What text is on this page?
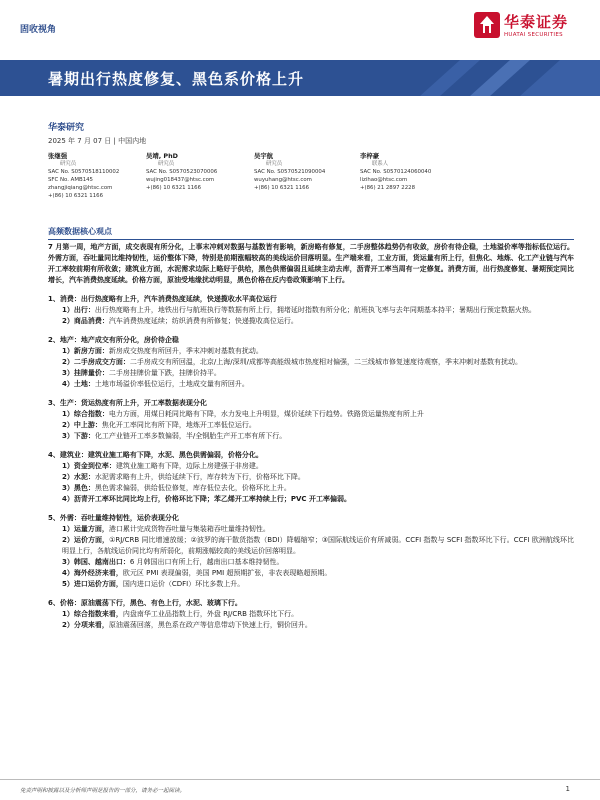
固收视角	华泰证券
HUATAI SECURITIES
暑期出行热度修复、黑色系价格上升
华泰研究
2025 年 7 月 07 日 | 中国内地
张继强
研究员
SAC No. S0570518110002
SFC No. AMB145
zhangjiqiang@htsc.com
+(86) 10 6321 1166
吴靖, PhD
研究员
SAC No. S0570523070006
wujing018437@htsc.com
+(86) 10 6321 1166
吴宇航
研究员
SAC No. S0570521090004
wuyuhang@htsc.com
+(86) 10 6321 1166
李梓豪
联系人
SAC No. S0570124060040
lizihao@htsc.com
+(86) 21 2897 2228
高频数据核心观点

7 月第一周，地产方面，成交表现有所分化，上事末冲刺对数据与基数皆有影响，新房略有修复，二手房整体趋势仍有收敛，房价有待企稳，土地溢价率等指标低位运行。外需方面，吞吐量同比维持韧性，运价整体下降，特别是前期涨幅较高的美线运价回落明显。生产端来看，工业方面，货运量有所上行，但焦化、地炼、化工产业链与汽车开工率较前期有所收敛；建筑业方面，水泥需求边际上略好于供给，黑色供需偏弱且延续主动去库，沥青开工率当周有一定修复。消费方面，出行热度修复、暑期预定同比增长，汽车消费热度延续。价格方面，原油受地缘扰动明显，黑色价格在反内卷政策影响下上行。

1、消费：出行热度略有上升，汽车消费热度延续，快递揽收水平高位运行

1）出行：出行热度略有上升，地铁出行与航班执行等数据有所上行，拥堵延时指数有所分化；航班执飞率与去年同期基本持平；暑期出行预定数据火热。

2）商品消费：汽车消费热度延续；纺织消费有所修复；快递揽收高位运行。

2、地产：地产成交有所分化，房价待企稳

1）新房方面：新房成交热度有所回升，季末冲刺对基数有扰动。

2）二手房成交方面：二手房成交有所回温，北京/上海/深圳/成都等高能级城市热度相对偏强，二三线城市修复速度待观察，季末冲刺对基数有扰动。

3）挂牌量价：二手房挂牌价量下跌，挂牌价持平。

4）土地：土地市场溢价率低位运行，土地成交量有所回升。

3、生产：货运热度有所上升，开工率数据表现分化

1）综合指数：电力方面，用煤日耗同比略有下降，水力发电上升明显，煤价延续下行趋势。铁路货运量热度有所上升

2）中上游：焦化开工率同比有所下降，地炼开工率低位运行。

3）下游：化工产业链开工率多数偏弱，半/全钢胎生产开工率有所下行。

4、建筑业：建筑业施工略有下降，水泥、黑色供需偏弱，价格分化。

1）资金到位率：建筑业施工略有下降，边际上房建强于非房建。

2）水泥：水泥需求略有上升，供给延续下行，库存转为下行，价格环比下降。

3）黑色：黑色需求偏弱，供给低位修复，库存低位去化，价格环比上升。

4）沥青开工率环比同比均上行，价格环比下降；苯乙烯开工率持续上行；PVC 开工率偏弱。

5、外需：吞吐量维持韧性，运价表现分化

1）运量方面，港口累计完成货物吞吐量与集装箱吞吐量维持韧性。

2）运价方面，①RJ/CRB 同比增速放缓；②波罗的海干散货指数（BDI）降幅缩窄；③国际航线运价有所减弱。CCFI 指数与 SCFI 指数环比下行。CCFI 欧洲航线环比明显上行，各航线运价同比均有所弱化，前期涨幅较高的美线运价回落明显。

3）韩国、越南出口：6 月韩国出口有所上行，越南出口基本维持韧性。

4）海外经济来看，欧元区 PMI 表现偏弱，美国 PMI 超预期扩张，非农表现略超预期。

5）进口运价方面，国内进口运价（CDFI）环比多数上升。

6、价格：原油震荡下行，黑色、有色上行，水泥、玻璃下行。

1）综合指数来看，内盘南华工业品指数上行，外盘 RJ/CRB 指数环比下行。

2）分项来看，原油震荡回落，黑色系在政产等信息带动下快速上行，铜价回升。

免责声明和披露以及分析师声明是报告的一部分，请务必一起阅读。	1
